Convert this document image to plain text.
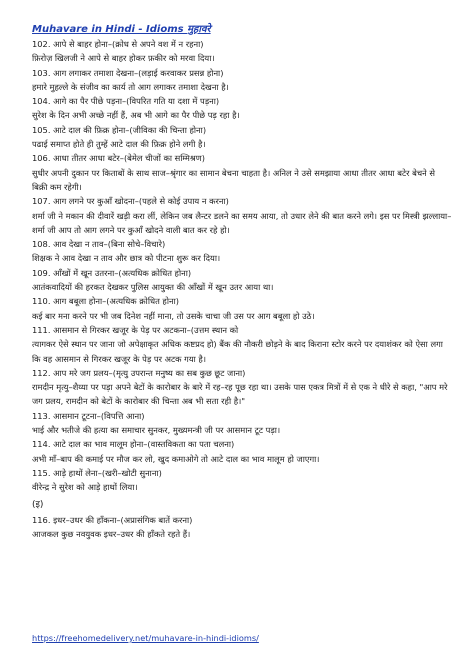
Muhavare in Hindi - Idioms मुहावरे
102. आपे से बाहर होना–(क्रोध से अपने वश में न रहना)
फ़िरोज़ खिलजी ने आपे से बाहर होकर फ़कीर को मरवा दिया।
103. आग लगाकर तमाशा देखना–(लड़ाई करवाकर प्रसन्न होना)
हमारे मुहल्ले के संजीव का कार्य तो आग लगाकर तमाशा देखना है।
104. आगे का पैर पीछे पड़ना–(विपरित गति या दशा में पड़ना)
सुरेश के दिन अभी अच्छे नहीं हैं, अब भी आगे का पैर पीछे पड़ रहा है।
105. आटे दाल की फ़िक्र होना–(जीविका की चिन्ता होना)
पढाई समाप्त होते ही तुम्हें आटे दाल की फ़िक्र होने लगी है।
106. आधा तीतर आधा बटेर–(बेमेल चीजों का सम्मिश्रण)
सुधीर अपनी दुकान पर किताबों के साथ साज–श्रृंगार का सामान बेचना चाहता है। अनिल ने उसे समझाया आधा तीतर आधा बटेर बेचने से बिक्री कम रहेगी।
107. आग लगने पर कुआँ खोदना–(पहले से कोई उपाय न करना)
शर्मा जी ने मकान की दीवारें खड़ी करा लीं, लेकिन जब लैन्टर डलने का समय आया, तो उधार लेने की बात करने लगे। इस पर मिस्त्री झल्लाया–शर्मा जी आप तो आग लगने पर कुआँ खोदने वाली बात कर रहे हो।
108. आव देखा न ताव–(बिना सोचे–विचारे)
शिक्षक ने आव देखा न ताव और छात्र को पीटना शुरू कर दिया।
109. आँखों में खून उतरना–(अत्यधिक क्रोधित होना)
आतंकवादियों की हरकत देखकर पुलिस आयुक्त की आँखों में खून उतर आया था।
110. आग बबूला होना–(अत्यधिक क्रोधित होना)
कई बार मना करने पर भी जब दिनेश नहीं माना, तो उसके चाचा जी उस पर आग बबूला हो उठे।
111. आसमान से गिरकर खजूर के पेड़ पर अटकना–(उत्तम स्थान को
त्यागकर ऐसे स्थान पर जाना जो अपेक्षाकृत अधिक कष्टप्रद हो) बैंक की नौकरी छोड़ने के बाद किराना स्टोर करने पर दयाशंकर को ऐसा लगा कि वह आसमान से गिरकर खजूर के पेड़ पर अटक गया है।
112. आप मरे जग प्रलय–(मृत्यु उपरान्त मनुष्य का सब कुछ छूट जाना)
रामदीन मृत्यु–शैय्या पर पड़ा अपने बेटों के कारोबार के बारे में रह–रह पूछ रहा था। उसके पास एकत्र मित्रों में से एक ने धीरे से कहा, "आप मरे जग प्रलय, रामदीन को बेटों के कारोबार की चिन्ता अब भी सता रही है।"
113. आसमान टूटना–(विपत्ति आना)
भाई और भतीजे की हत्या का समाचार सुनकर, मुख्यमन्त्री जी पर आसमान टूट पड़ा।
114. आटे दाल का भाव मालूम होना–(वास्तविकता का पता चलना)
अभी माँ–बाप की कमाई पर मौज कर लो, खुद कमाओगे तो आटे दाल का भाव मालूम हो जाएगा।
115. आड़े हाथों लेना–(खरी–खोटी सुनाना)
वीरेन्द्र ने सुरेश को आड़े हाथों लिया।
(इ)
116. इधर–उधर की हाँकना–(अप्रासंगिक बातें करना)
आजकल कुछ नवयुवक इधर–उधर की हाँकते रहते हैं।
https://freehomedelivery.net/muhavare-in-hindi-idioms/
